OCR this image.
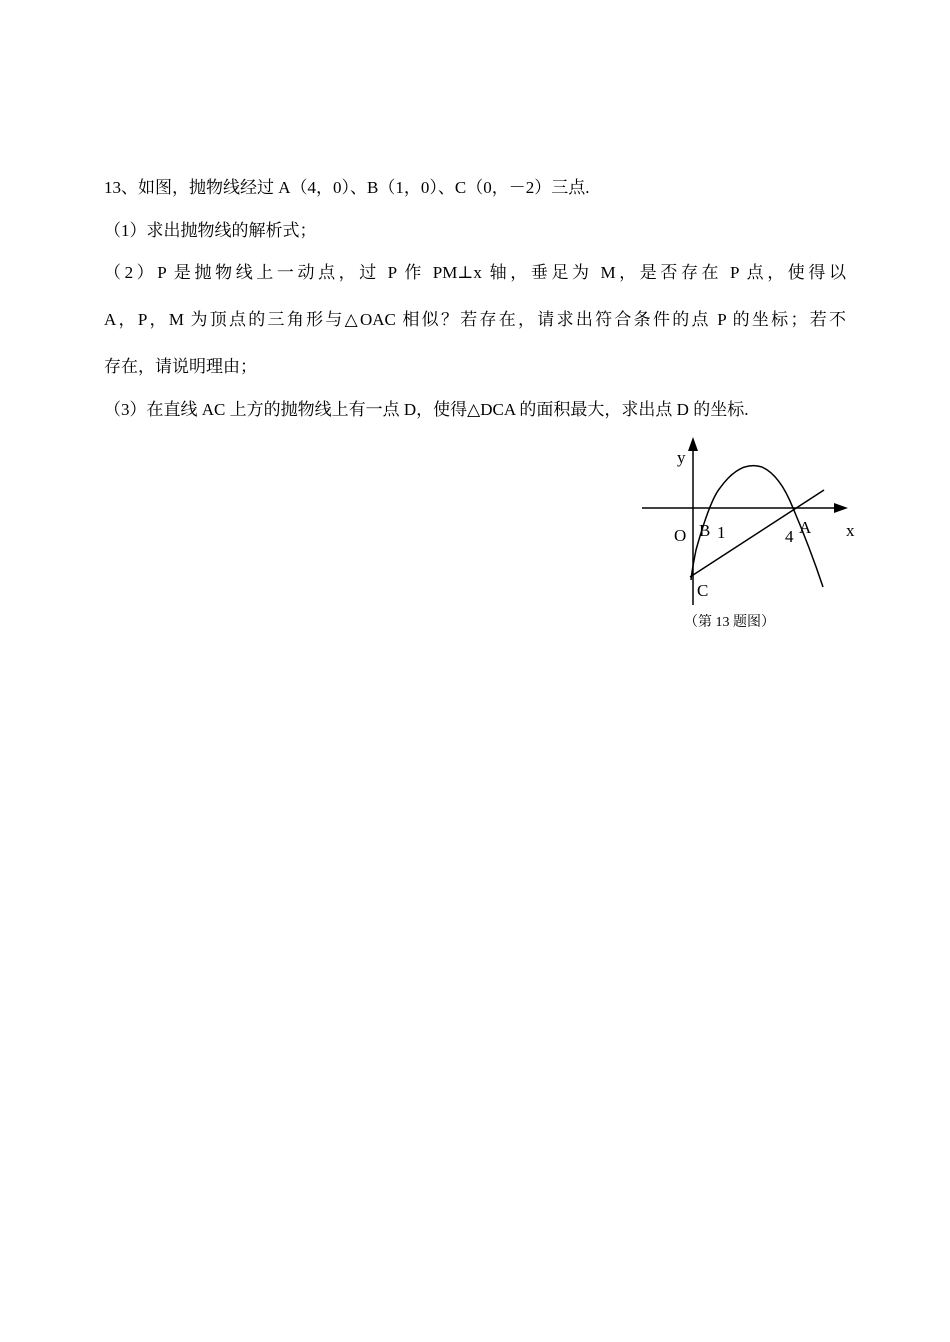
13、如图，抛物线经过 A（4，0）、B（1，0）、C（0，－2）三点.
（1）求出抛物线的解析式；
（2）P 是抛物线上一动点，过 P 作 PM⊥x 轴，垂足为 M，是否存在 P 点，使得以
A，P，M 为顶点的三角形与△OAC 相似？若存在，请求出符合条件的点 P 的坐标；若不
存在，请说明理由；
（3）在直线 AC 上方的抛物线上有一点 D，使得△DCA 的面积最大，求出点 D 的坐标.
y
x
O B 1	4 A
C
（第 13 题图）
